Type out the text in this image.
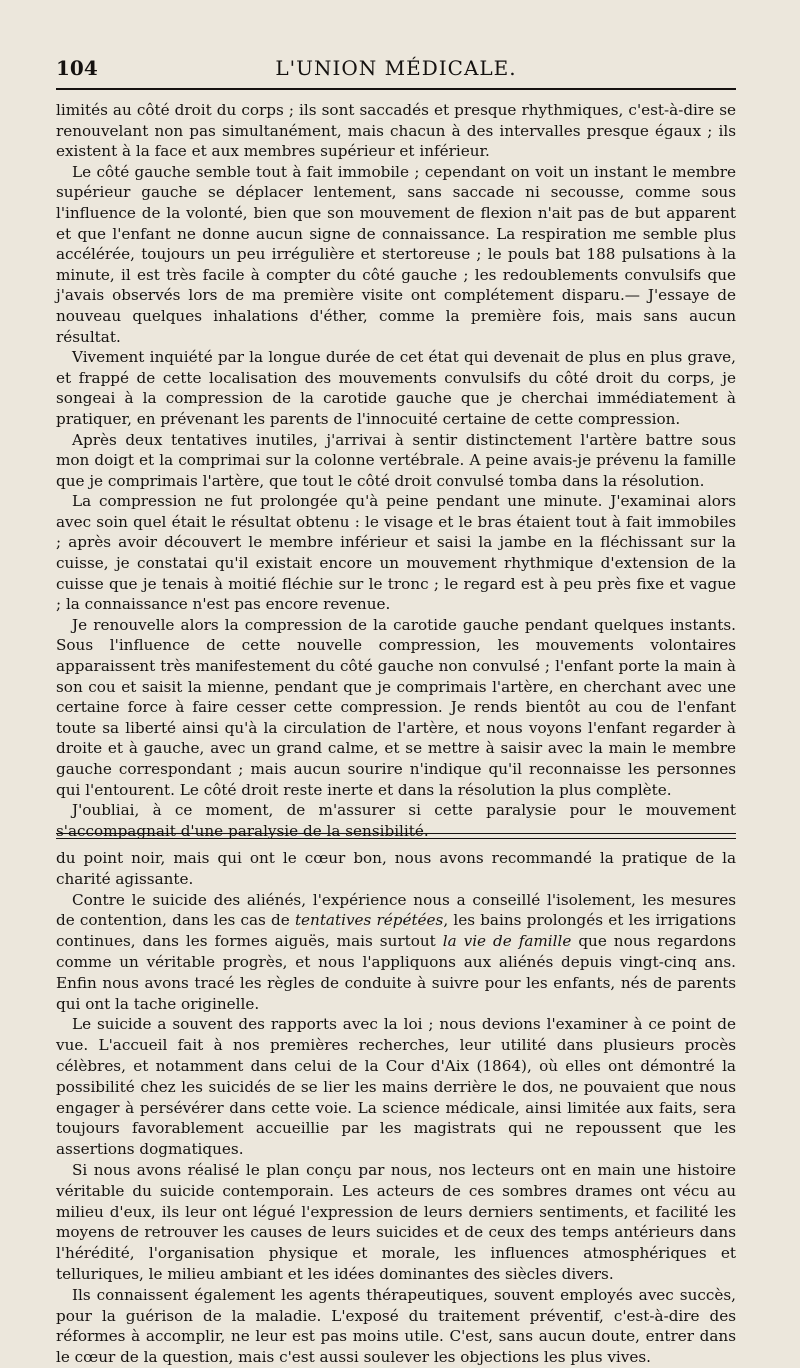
104	L'UNION MÉDICALE.

limités au côté droit du corps ; ils sont saccadés et presque rhythmiques, c'est-à-dire se renouvelant non pas simultanément, mais chacun à des intervalles presque égaux ; ils existent à la face et aux membres supérieur et inférieur.

Le côté gauche semble tout à fait immobile ; cependant on voit un instant le membre supérieur gauche se déplacer lentement, sans saccade ni secousse, comme sous l'influence de la volonté, bien que son mouvement de flexion n'ait pas de but apparent et que l'enfant ne donne aucun signe de connaissance. La respiration me semble plus accélérée, toujours un peu irrégulière et stertoreuse ; le pouls bat 188 pulsations à la minute, il est très facile à compter du côté gauche ; les redoublements convulsifs que j'avais observés lors de ma première visite ont complétement disparu.— J'essaye de nouveau quelques inhalations d'éther, comme la première fois, mais sans aucun résultat.

Vivement inquiété par la longue durée de cet état qui devenait de plus en plus grave, et frappé de cette localisation des mouvements convulsifs du côté droit du corps, je songeai à la compression de la carotide gauche que je cherchai immédiatement à pratiquer, en prévenant les parents de l'innocuité certaine de cette compression.

Après deux tentatives inutiles, j'arrivai à sentir distinctement l'artère battre sous mon doigt et la comprimai sur la colonne vertébrale. A peine avais-je prévenu la famille que je comprimais l'artère, que tout le côté droit convulsé tomba dans la résolution.

La compression ne fut prolongée qu'à peine pendant une minute. J'examinai alors avec soin quel était le résultat obtenu : le visage et le bras étaient tout à fait immobiles ; après avoir découvert le membre inférieur et saisi la jambe en la fléchissant sur la cuisse, je constatai qu'il existait encore un mouvement rhythmique d'extension de la cuisse que je tenais à moitié fléchie sur le tronc ; le regard est à peu près fixe et vague ; la connaissance n'est pas encore revenue.

Je renouvelle alors la compression de la carotide gauche pendant quelques instants. Sous l'influence de cette nouvelle compression, les mouvements volontaires apparaissent très manifestement du côté gauche non convulsé ; l'enfant porte la main à son cou et saisit la mienne, pendant que je comprimais l'artère, en cherchant avec une certaine force à faire cesser cette compression. Je rends bientôt au cou de l'enfant toute sa liberté ainsi qu'à la circulation de l'artère, et nous voyons l'enfant regarder à droite et à gauche, avec un grand calme, et se mettre à saisir avec la main le membre gauche correspondant ; mais aucun sourire n'indique qu'il reconnaisse les personnes qui l'entourent. Le côté droit reste inerte et dans la résolution la plus complète.

J'oubliai, à ce moment, de m'assurer si cette paralysie pour le mouvement s'accompagnait d'une paralysie de la sensibilité.

du point noir, mais qui ont le cœur bon, nous avons recommandé la pratique de la charité agissante.

Contre le suicide des aliénés, l'expérience nous a conseillé l'isolement, les mesures de contention, dans les cas de tentatives répétées, les bains prolongés et les irrigations continues, dans les formes aiguës, mais surtout la vie de famille que nous regardons comme un véritable progrès, et nous l'appliquons aux aliénés depuis vingt-cinq ans. Enfin nous avons tracé les règles de conduite à suivre pour les enfants, nés de parents qui ont la tache originelle.

Le suicide a souvent des rapports avec la loi ; nous devions l'examiner à ce point de vue. L'accueil fait à nos premières recherches, leur utilité dans plusieurs procès célèbres, et notamment dans celui de la Cour d'Aix (1864), où elles ont démontré la possibilité chez les suicidés de se lier les mains derrière le dos, ne pouvaient que nous engager à persévérer dans cette voie. La science médicale, ainsi limitée aux faits, sera toujours favorablement accueillie par les magistrats qui ne repoussent que les assertions dogmatiques.

Si nous avons réalisé le plan conçu par nous, nos lecteurs ont en main une histoire véritable du suicide contemporain. Les acteurs de ces sombres drames ont vécu au milieu d'eux, ils leur ont légué l'expression de leurs derniers sentiments, et facilité les moyens de retrouver les causes de leurs suicides et de ceux des temps antérieurs dans l'hérédité, l'organisation physique et morale, les influences atmosphériques et telluriques, le milieu ambiant et les idées dominantes des siècles divers.

Ils connaissent également les agents thérapeutiques, souvent employés avec succès, pour la guérison de la maladie. L'exposé du traitement préventif, c'est-à-dire des réformes à accomplir, ne leur est pas moins utile. C'est, sans aucun doute, entrer dans le cœur de la question, mais c'est aussi soulever les objections les plus vives.
